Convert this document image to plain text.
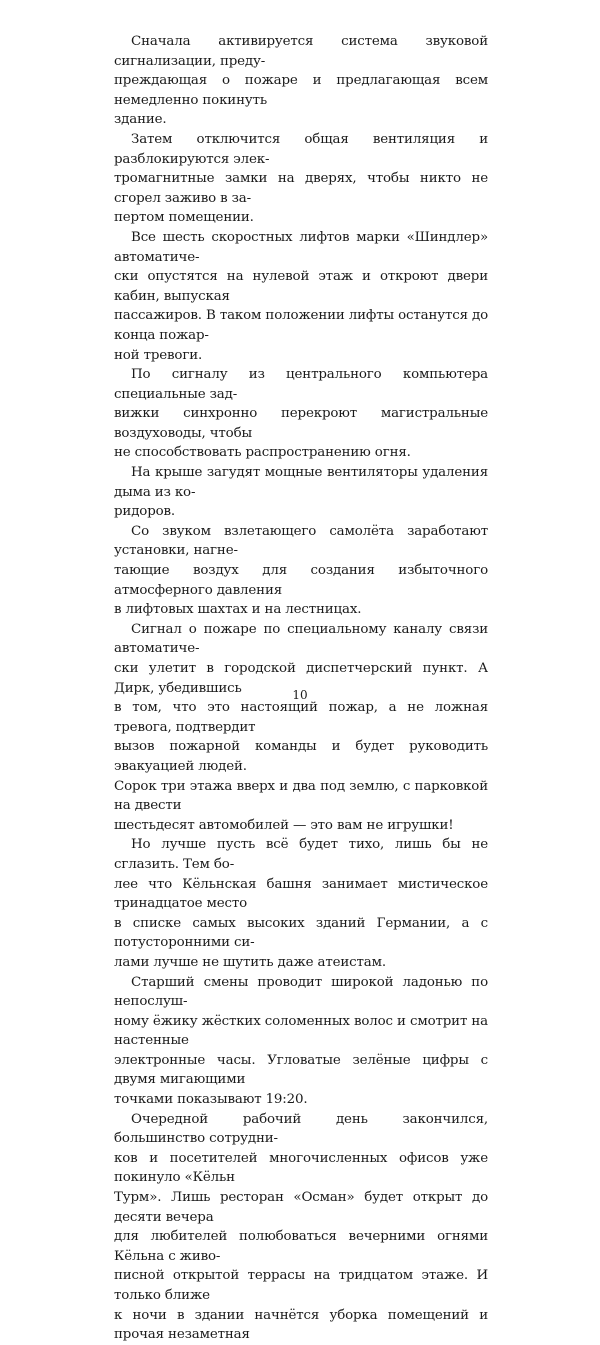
Сначала активируется система звуковой сигнализации, преду-
преждающая о пожаре и предлагающая всем немедленно покинуть
здание.

Затем отключится общая вентиляция и разблокируются элек-
тромагнитные замки на дверях, чтобы никто не сгорел заживо в за-
пертом помещении.

Все шесть скоростных лифтов марки «Шиндлер» автоматиче-
ски опустятся на нулевой этаж и откроют двери кабин, выпуская
пассажиров. В таком положении лифты останутся до конца пожар-
ной тревоги.

По сигналу из центрального компьютера специальные зад-
вижки синхронно перекроют магистральные воздуховоды, чтобы
не способствовать распространению огня.

На крыше загудят мощные вентиляторы удаления дыма из ко-
ридоров.

Со звуком взлетающего самолёта заработают установки, нагне-
тающие воздух для создания избыточного атмосферного давления
в лифтовых шахтах и на лестницах.

Сигнал о пожаре по специальному каналу связи автоматиче-
ски улетит в городской диспетчерский пункт. А Дирк, убедившись
в том, что это настоящий пожар, а не ложная тревога, подтвердит
вызов пожарной команды и будет руководить эвакуацией людей.
Сорок три этажа вверх и два под землю, с парковкой на двести
шестьдесят автомобилей — это вам не игрушки!

Но лучше пусть всё будет тихо, лишь бы не сглазить. Тем бо-
лее что Кёльнская башня занимает мистическое тринадцатое место
в списке самых высоких зданий Германии, а с потусторонними си-
лами лучше не шутить даже атеистам.

Старший смены проводит широкой ладонью по непослуш-
ному ёжику жёстких соломенных волос и смотрит на настенные
электронные часы. Угловатые зелёные цифры с двумя мигающими
точками показывают 19:20.

Очередной рабочий день закончился, большинство сотрудни-
ков и посетителей многочисленных офисов уже покинуло «Кёльн
Турм». Лишь ресторан «Осман» будет открыт до десяти вечера
для любителей полюбоваться вечерними огнями Кёльна с живо-
писной открытой террасы на тридцатом этаже. И только ближе
к ночи в здании начнётся уборка помещений и прочая незаметная

10
